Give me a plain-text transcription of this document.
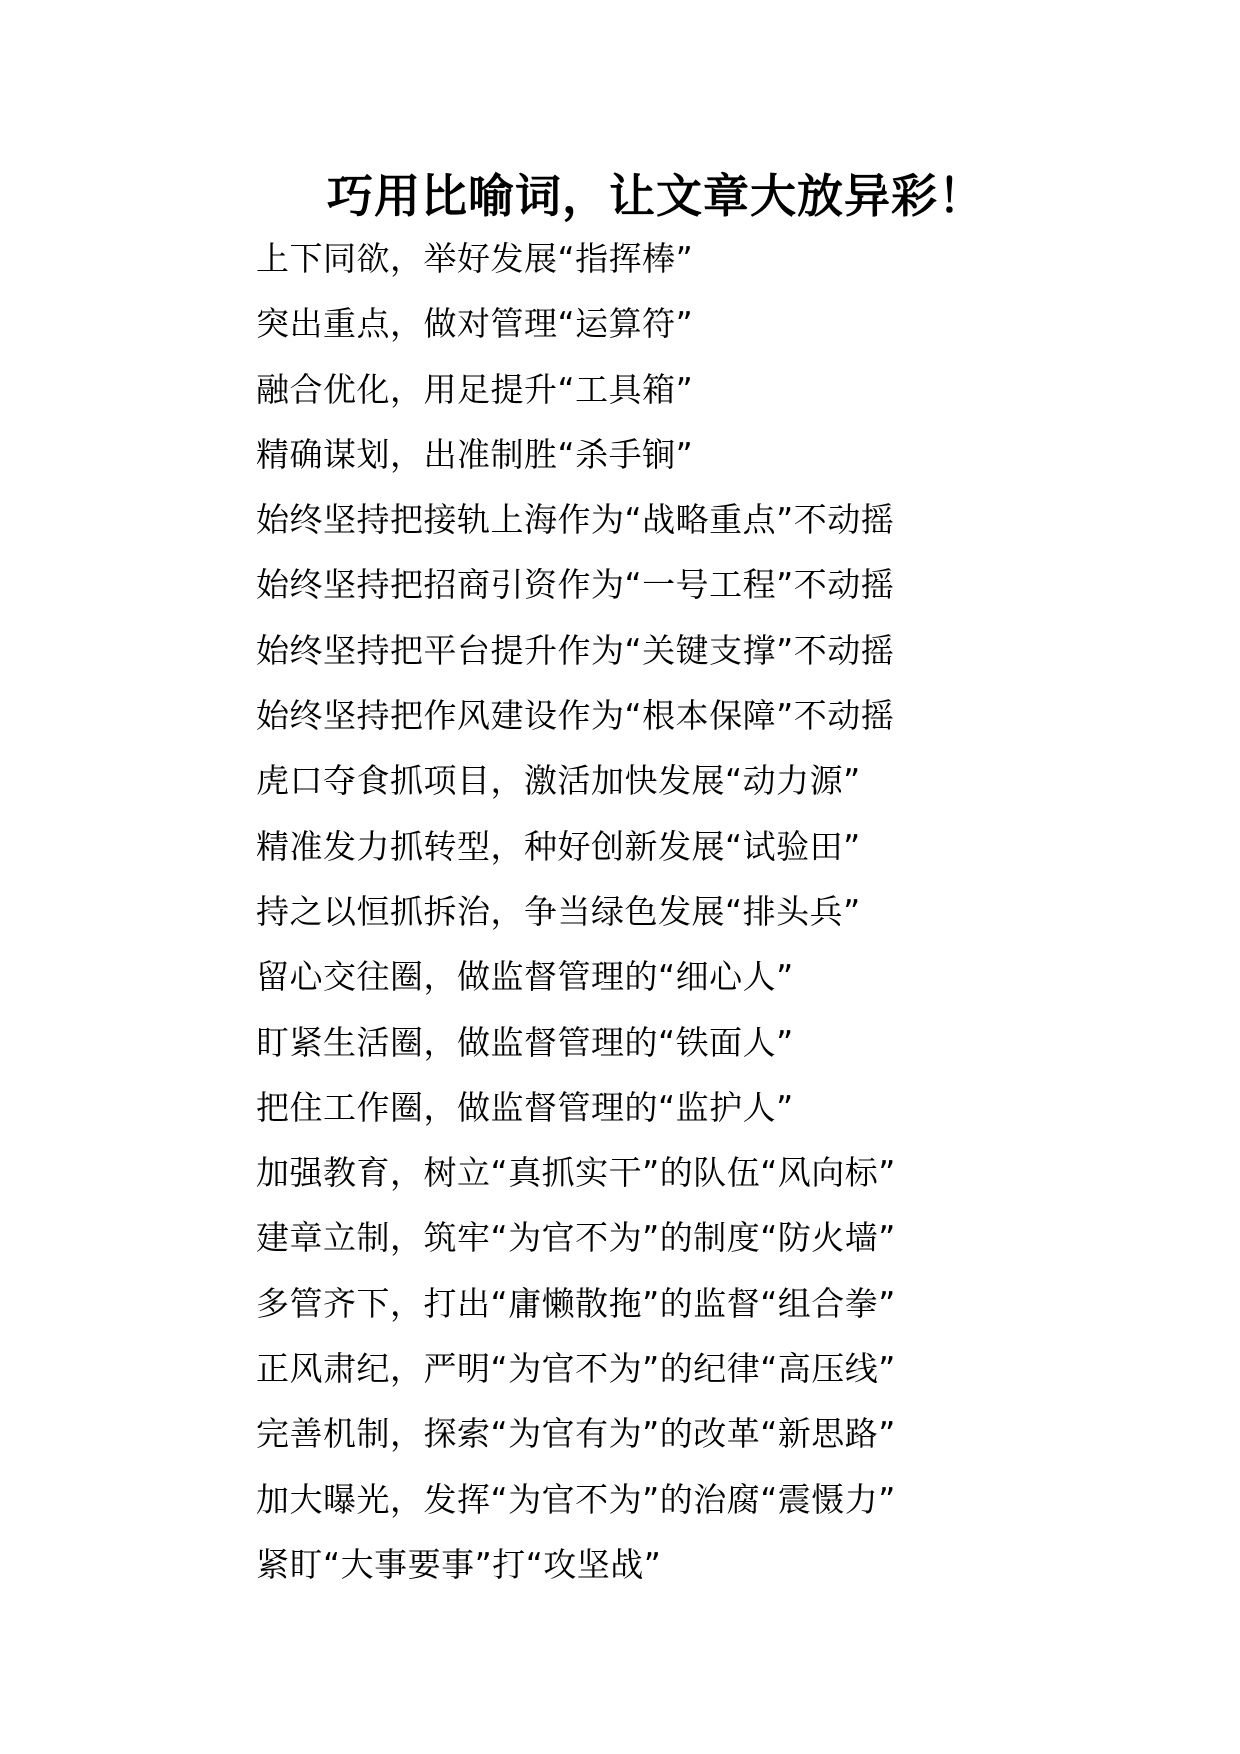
巧用比喻词，让文章大放异彩！
上下同欲，举好发展“指挥棒”
突出重点，做对管理“运算符”
融合优化，用足提升“工具箱”
精确谋划，出准制胜“杀手锏”
始终坚持把接轨上海作为“战略重点”不动摇
始终坚持把招商引资作为“一号工程”不动摇
始终坚持把平台提升作为“关键支撑”不动摇
始终坚持把作风建设作为“根本保障”不动摇
虎口夺食抓项目，激活加快发展“动力源”
精准发力抓转型，种好创新发展“试验田”
持之以恒抓拆治，争当绿色发展“排头兵”
留心交往圈，做监督管理的“细心人”
盯紧生活圈，做监督管理的“铁面人”
把住工作圈，做监督管理的“监护人”
加强教育，树立“真抓实干”的队伍“风向标”
建章立制，筑牢“为官不为”的制度“防火墙”
多管齐下，打出“庸懒散拖”的监督“组合拳”
正风肃纪，严明“为官不为”的纪律“高压线”
完善机制，探索“为官有为”的改革“新思路”
加大曝光，发挥“为官不为”的治腐“震慑力”
紧盯“大事要事”打“攻坚战”
